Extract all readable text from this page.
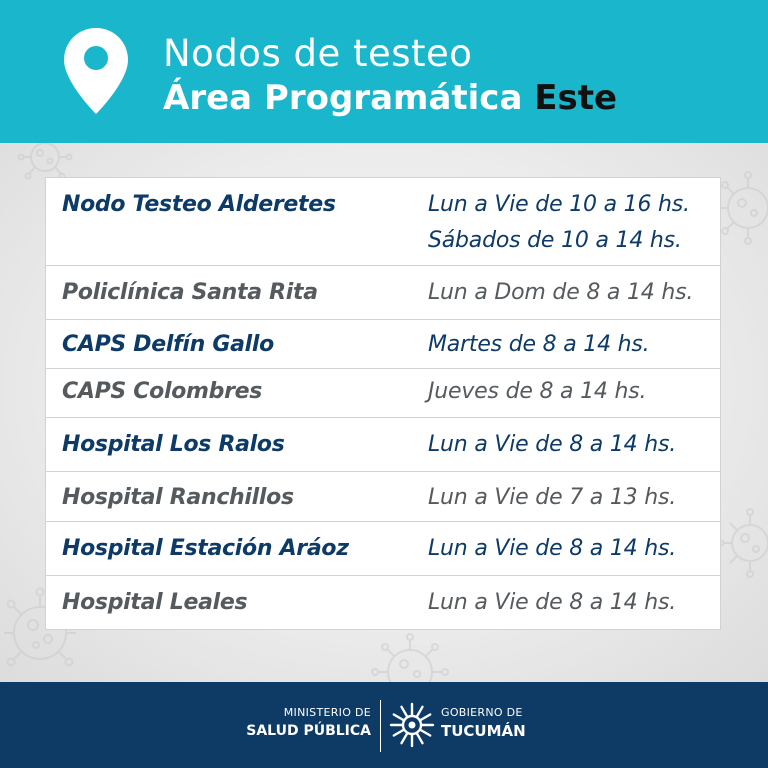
Nodos de testeo
Área Programática Este
Nodo Testeo Alderetes	Lun a Vie de 10 a 16 hs.
Sábados de 10 a 14 hs.
Policlínica Santa Rita	Lun a Dom de 8 a 14 hs.
CAPS Delfín Gallo	Martes de 8 a 14 hs.
CAPS Colombres	Jueves de 8 a 14 hs.
Hospital Los Ralos	Lun a Vie de 8 a 14 hs.
Hospital Ranchillos	Lun a Vie de 7 a 13 hs.
Hospital Estación Aráoz	Lun a Vie de 8 a 14 hs.
Hospital Leales	Lun a Vie de 8 a 14 hs.
MINISTERIO DE
SALUD PÚBLICA
GOBIERNO DE
TUCUMÁN
